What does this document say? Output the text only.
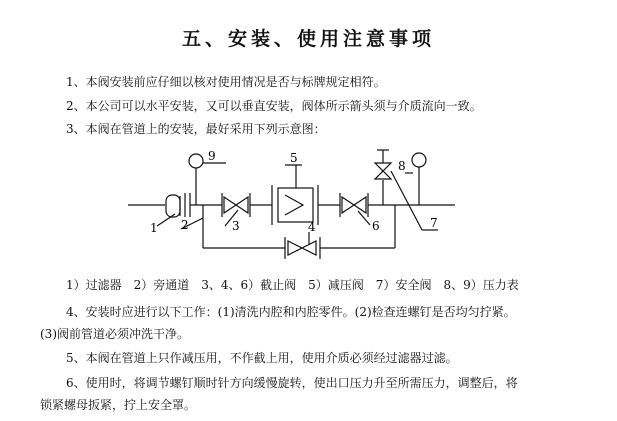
五、安装、使用注意事项
1、本阀安装前应仔细以核对使用情况是否与标牌规定相符。
2、本公司可以水平安装，又可以垂直安装，阀体所示箭头须与介质流向一致。
3、本阀在管道上的安装，最好采用下列示意图：
1 2	3	4
5
6	7
8
9
1）过滤器　2）旁通道　3、4、6）截止阀　5）减压阀　7）安全阀　8、9）压力表
4、安装时应进行以下工作：(1)清洗内腔和内腔零件。(2)检查连螺钉是否均匀拧紧。
(3)阀前管道必须冲洗干净。
5、本阀在管道上只作减压用，不作截上用，使用介质必须经过滤器过滤。
6、使用时，将调节螺钉顺时针方向缓慢旋转，使出口压力升至所需压力，调整后，将
锁紧螺母扳紧，拧上安全罩。
